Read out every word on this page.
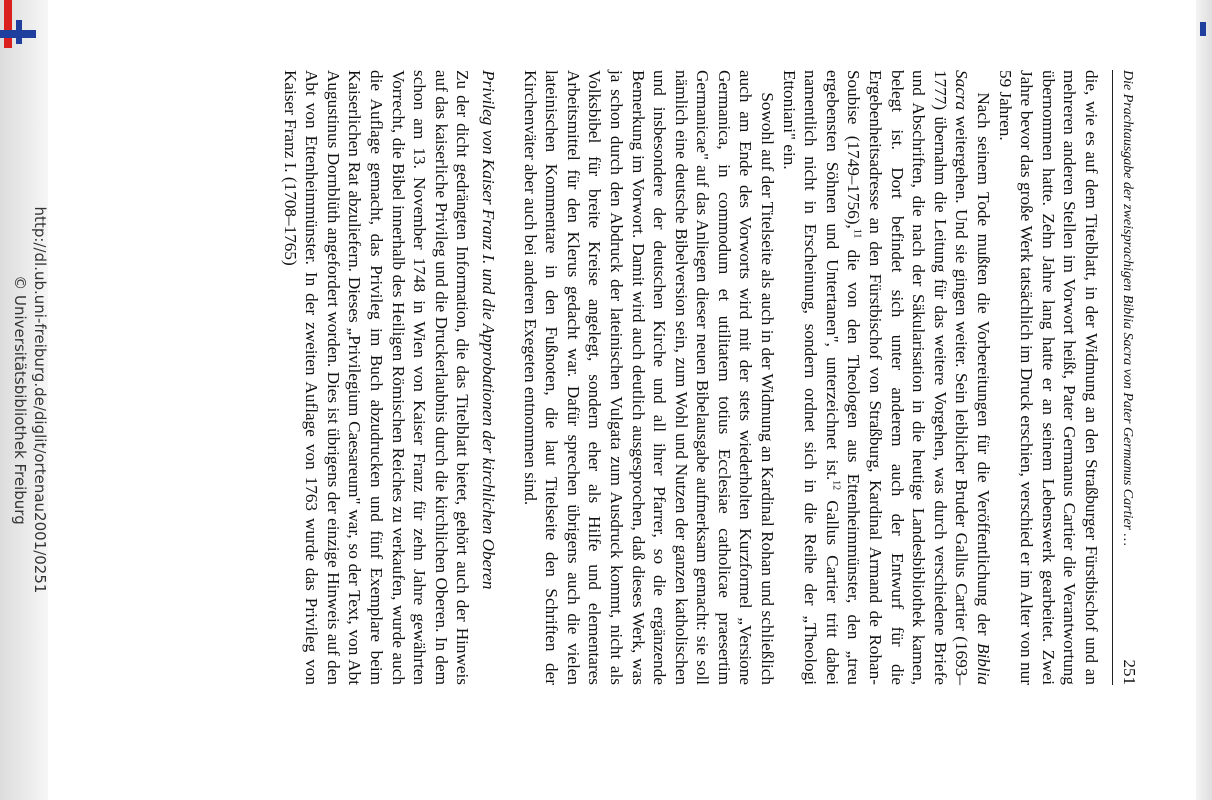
http://dl.ub.uni-freiburg.de/diglit/ortenau2001/0251
© Universitätsbibliothek Freiburg	Die Prachtausgabe der zweisprachigen Biblia Sacra von Pater Germanus Cartier …
251

die, wie es auf dem Titelblatt, in der Widmung an den Straßburger Fürstbischof und an mehreren anderen Stellen im Vorwort heißt, Pater Germanus Cartier die Verantwortung übernommen hatte. Zehn Jahre lang hatte er an seinem Lebenswerk gearbeitet. Zwei Jahre bevor das große Werk tatsächlich im Druck erschien, verschied er im Alter von nur 59 Jahren.

Nach seinem Tode mußten die Vorbereitungen für die Veröffentlichung der Biblia Sacra weitergehen. Und sie gingen weiter. Sein leiblicher Bruder Gallus Cartier (1693–1777) übernahm die Leitung für das weitere Vorgehen, was durch verschiedene Briefe und Abschriften, die nach der Säkularisation in die heutige Landesbibliothek kamen, belegt ist. Dort befindet sich unter anderem auch der Entwurf für die Ergebenheitsadresse an den Fürstbischof von Straßburg, Kardinal Armand de Rohan-Soubise (1749–1756),$^{11}$ die von den Theologen aus Ettenheimmünster, den „treu ergebensten Söhnen und Untertanen", unterzeichnet ist.$^{12}$ Gallus Cartier tritt dabei namentlich nicht in Erscheinung, sondern ordnet sich in die Reihe der „Theologi Ettoniani" ein.

Sowohl auf der Titelseite als auch in der Widmung an Kardinal Rohan und schließlich auch am Ende des Vorworts wird mit der stets wiederholten Kurzformel „Versione Germanica, in commodum et utilitatem totius Ecclesiae catholicae praesertim Germanicae" auf das Anliegen dieser neuen Bibelausgabe aufmerksam gemacht: sie soll nämlich eine deutsche Bibelversion sein, zum Wohl und Nutzen der ganzen katholischen und insbesondere der deutschen Kirche und all ihrer Pfarrer, so die ergänzende Bemerkung im Vorwort. Damit wird auch deutlich ausgesprochen, daß dieses Werk, was ja schon durch den Abdruck der lateinischen Vulgata zum Ausdruck kommt, nicht als Volksbibel für breite Kreise angelegt, sondern eher als Hilfe und elementares Arbeitsmittel für den Klerus gedacht war. Dafür sprechen übrigens auch die vielen lateinischen Kommentare in den Fußnoten, die laut Titelseite den Schriften der Kirchenväter aber auch bei anderen Exegeten entnommen sind.

Privileg von Kaiser Franz I. und die Approbationen der kirchlichen Oberen

Zu der dicht gedrängten Information, die das Titelblatt bietet, gehört auch der Hinweis auf das kaiserliche Privileg und die Druckerlaubnis durch die kirchlichen Oberen. In dem schon am 13. November 1748 in Wien von Kaiser Franz für zehn Jahre gewährten Vorrecht, die Bibel innerhalb des Heiligen Römischen Reiches zu verkaufen, wurde auch die Auflage gemacht, das Privileg im Buch abzudrucken und fünf Exemplare beim Kaiserlichen Rat abzuliefern. Dieses „Privilegium Caesareum" war, so der Text, von Abt Augustinus Dornblüth angefordert worden. Dies ist übrigens der einzige Hinweis auf den Abt von Ettenheimmünster. In der zweiten Auflage von 1763 wurde das Privileg von Kaiser Franz I. (1708–1765)
